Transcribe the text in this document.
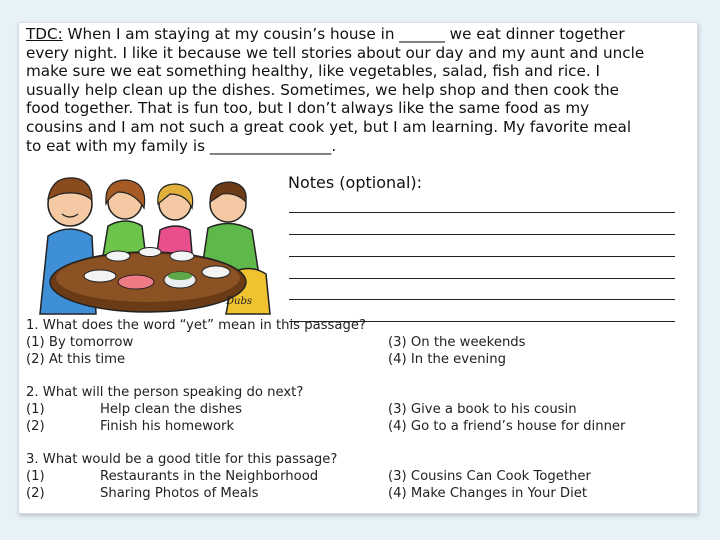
TDC: When I am staying at my cousin’s house in ______ we eat dinner together
every night. I like it because we tell stories about our day and my aunt and uncle
make sure we eat something healthy, like vegetables, salad, fish and rice. I
usually help clean up the dishes. Sometimes, we help shop and then cook the
food together. That is fun too, but I don’t always like the same food as my
cousins and I am not such a great cook yet, but I am learning. My favorite meal
to eat with my family is ________________.
Dubs
Notes (optional):
1. What does the word “yet” mean in this passage?
(1) By tomorrow
(2) At this time
(3) On the weekends
(4) In the evening
2. What will the person speaking do next?
(1)	Help clean the dishes
(2)	Finish his homework
(3) Give a book to his cousin
(4) Go to a friend’s house for dinner
3. What would be a good title for this passage?
(1)	Restaurants in the Neighborhood
(2)	Sharing Photos of Meals
(3) Cousins Can Cook Together
(4) Make Changes in Your Diet
